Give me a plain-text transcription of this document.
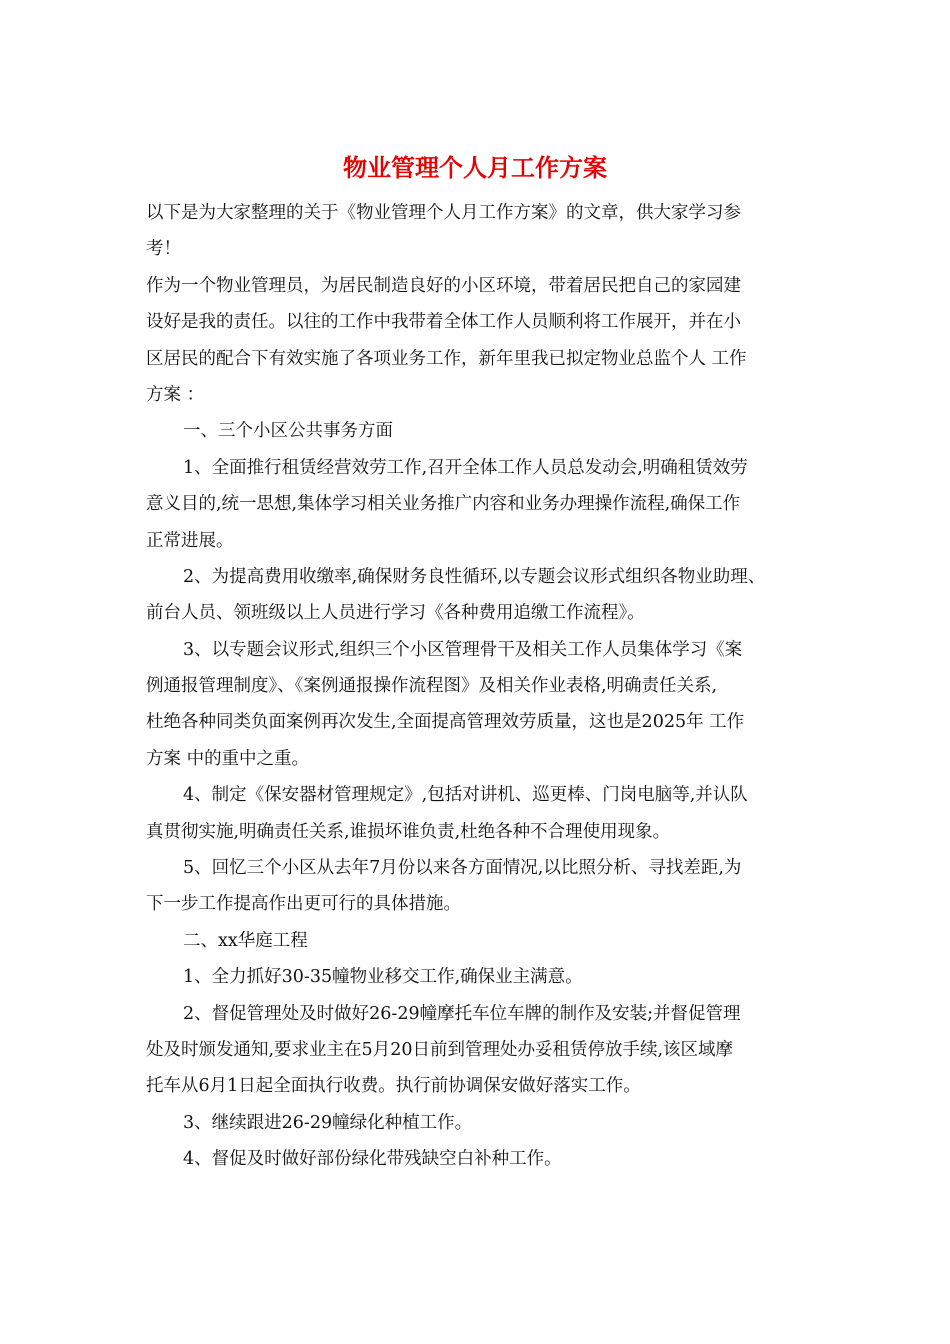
物业管理个人月工作方案
以下是为大家整理的关于《物业管理个人月工作方案》的文章，供大家学习参
考！
作为一个物业管理员，为居民制造良好的小区环境，带着居民把自己的家园建
设好是我的责任。以往的工作中我带着全体工作人员顺利将工作展开，并在小
区居民的配合下有效实施了各项业务工作，新年里我已拟定物业总监个人 工作
方案 ：
一、三个小区公共事务方面
1、全面推行租赁经营效劳工作,召开全体工作人员总发动会,明确租赁效劳
意义目的,统一思想,集体学习相关业务推广内容和业务办理操作流程,确保工作
正常进展。
2、为提高费用收缴率,确保财务良性循环,以专题会议形式组织各物业助理、
前台人员、领班级以上人员进行学习《各种费用追缴工作流程》。
3、以专题会议形式,组织三个小区管理骨干及相关工作人员集体学习《案
例通报管理制度》、《案例通报操作流程图》及相关作业表格,明确责任关系,
杜绝各种同类负面案例再次发生,全面提高管理效劳质量，这也是2025年 工作
方案 中的重中之重。
4、制定《保安器材管理规定》,包括对讲机、巡更棒、门岗电脑等,并认队
真贯彻实施,明确责任关系,谁损坏谁负责,杜绝各种不合理使用现象。
5、回忆三个小区从去年7月份以来各方面情况,以比照分析、寻找差距,为
下一步工作提高作出更可行的具体措施。
二、xx华庭工程
1、全力抓好30-35幢物业移交工作,确保业主满意。
2、督促管理处及时做好26-29幢摩托车位车牌的制作及安装;并督促管理
处及时颁发通知,要求业主在5月20日前到管理处办妥租赁停放手续,该区域摩
托车从6月1日起全面执行收费。执行前协调保安做好落实工作。
3、继续跟进26-29幢绿化种植工作。
4、督促及时做好部份绿化带残缺空白补种工作。
